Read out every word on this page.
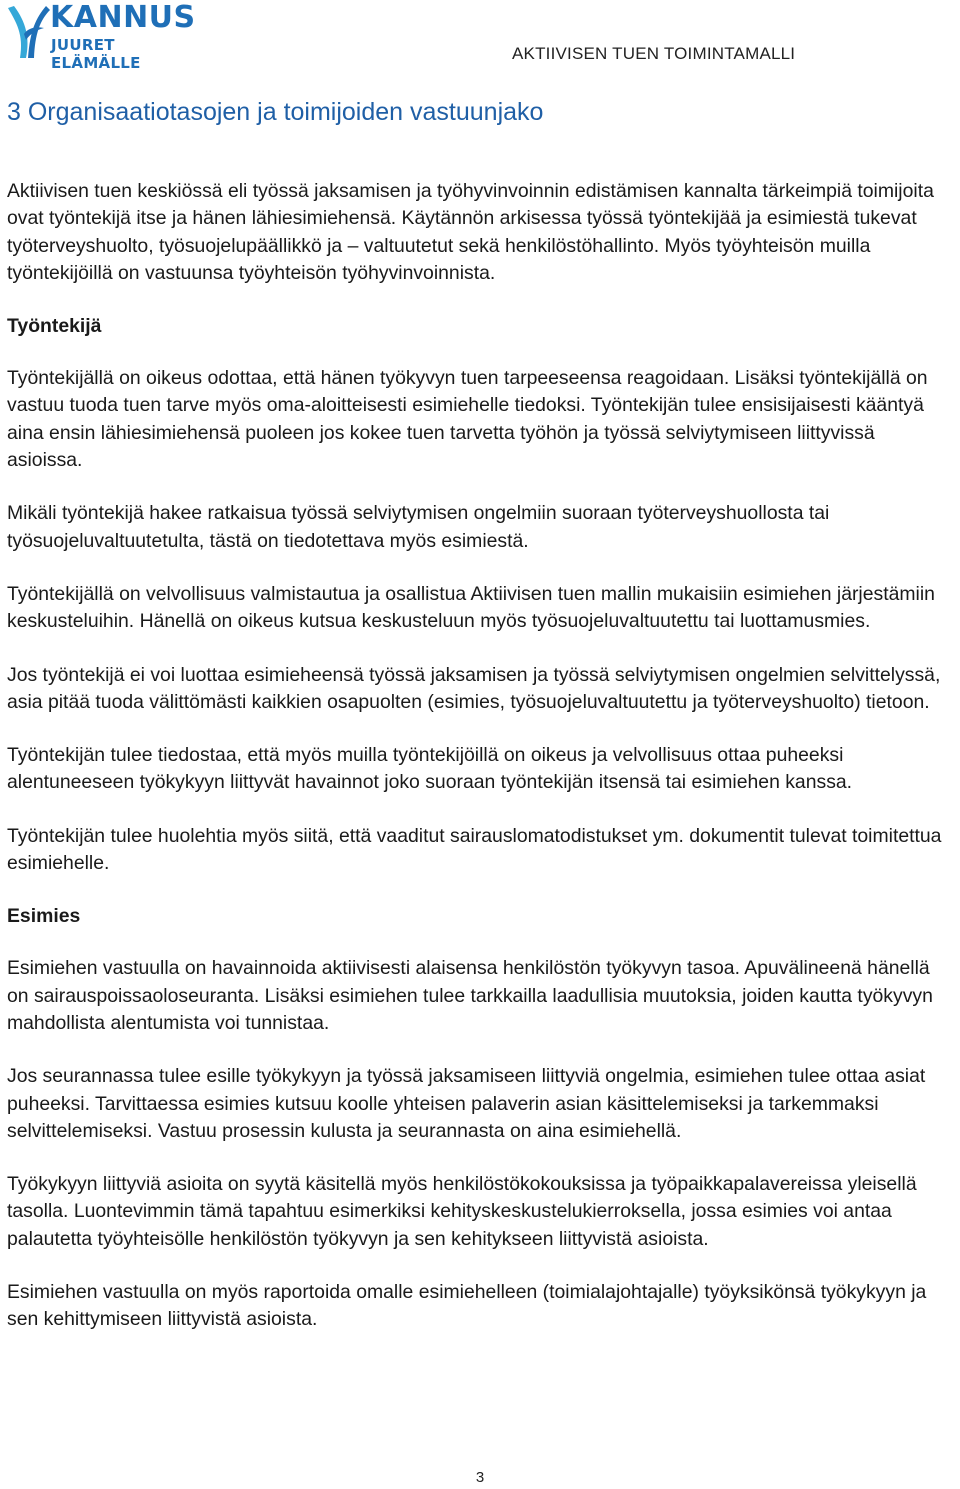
KANNUS
JUURET ELÄMÄLLE	AKTIIVISEN TUEN TOIMINTAMALLI
3 Organisaatiotasojen ja toimijoiden vastuunjako

Aktiivisen tuen keskiössä eli työssä jaksamisen ja työhyvinvoinnin edistämisen kannalta tärkeimpiä toimijoita ovat työntekijä itse ja hänen lähiesimiehensä. Käytännön arkisessa työssä työntekijää ja esimiestä tukevat työterveyshuolto, työsuojelupäällikkö ja – valtuutetut sekä henkilöstöhallinto. Myös työyhteisön muilla työntekijöillä on vastuunsa työyhteisön työhyvinvoinnista.

Työntekijä

Työntekijällä on oikeus odottaa, että hänen työkyvyn tuen tarpeeseensa reagoidaan. Lisäksi työntekijällä on vastuu tuoda tuen tarve myös oma-aloitteisesti esimiehelle tiedoksi. Työntekijän tulee ensisijaisesti kääntyä aina ensin lähiesimiehensä puoleen jos kokee tuen tarvetta työhön ja työssä selviytymiseen liittyvissä asioissa.

Mikäli työntekijä hakee ratkaisua työssä selviytymisen ongelmiin suoraan työterveyshuollosta tai työsuojeluvaltuutetulta, tästä on tiedotettava myös esimiestä.

Työntekijällä on velvollisuus valmistautua ja osallistua Aktiivisen tuen mallin mukaisiin esimiehen järjestämiin keskusteluihin. Hänellä on oikeus kutsua keskusteluun myös työsuojeluvaltuutettu tai luottamusmies.

Jos työntekijä ei voi luottaa esimieheensä työssä jaksamisen ja työssä selviytymisen ongelmien selvittelyssä, asia pitää tuoda välittömästi kaikkien osapuolten (esimies, työsuojeluvaltuutettu ja työterveyshuolto) tietoon.

Työntekijän tulee tiedostaa, että myös muilla työntekijöillä on oikeus ja velvollisuus ottaa puheeksi alentuneeseen työkykyyn liittyvät havainnot joko suoraan työntekijän itsensä tai esimiehen kanssa.

Työntekijän tulee huolehtia myös siitä, että vaaditut sairauslomatodistukset ym. dokumentit tulevat toimitettua esimiehelle.

Esimies

Esimiehen vastuulla on havainnoida aktiivisesti alaisensa henkilöstön työkyvyn tasoa. Apuvälineenä hänellä on sairauspoissaoloseuranta. Lisäksi esimiehen tulee tarkkailla laadullisia muutoksia, joiden kautta työkyvyn mahdollista alentumista voi tunnistaa.

Jos seurannassa tulee esille työkykyyn ja työssä jaksamiseen liittyviä ongelmia, esimiehen tulee ottaa asiat puheeksi. Tarvittaessa esimies kutsuu koolle yhteisen palaverin asian käsittelemiseksi ja tarkemmaksi selvittelemiseksi. Vastuu prosessin kulusta ja seurannasta on aina esimiehellä.

Työkykyyn liittyviä asioita on syytä käsitellä myös henkilöstökokouksissa ja työpaikkapalavereissa yleisellä tasolla. Luontevimmin tämä tapahtuu esimerkiksi kehityskeskustelukierroksella, jossa esimies voi antaa palautetta työyhteisölle henkilöstön työkyvyn ja sen kehitykseen liittyvistä asioista.

Esimiehen vastuulla on myös raportoida omalle esimiehelleen (toimialajohtajalle) työyksikönsä työkykyyn ja sen kehittymiseen liittyvistä asioista.

3
